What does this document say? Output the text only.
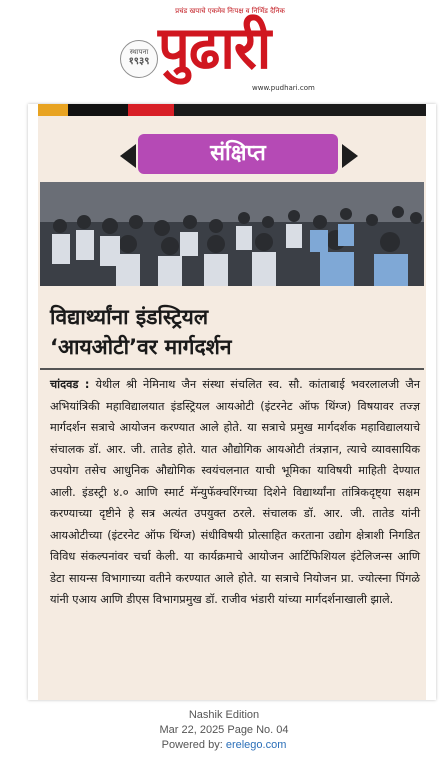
प्रचंड खपाचे एकमेव निःपक्ष व निर्भिड दैनिक
स्थापना
१९३९ पुढारी
www.pudhari.com
संक्षिप्त
विद्यार्थ्यांना इंडस्ट्रियल
‘आयओटी’वर मार्गदर्शन
चांदवड : येथील श्री नेमिनाथ जैन संस्था संचलित स्व. सौ. कांताबाई भवरलालजी जैन अभियांत्रिकी महाविद्यालयात इंडस्ट्रियल आयओटी (इंटरनेट ऑफ थिंग्ज) विषयावर तज्ज्ञ मार्गदर्शन सत्राचे आयोजन करण्यात आले होते. या सत्राचे प्रमुख मार्गदर्शक महाविद्यालयाचे संचालक डॉ. आर. जी. तातेड होते. यात औद्योगिक आयओटी तंत्रज्ञान, त्याचे व्यावसायिक उपयोग तसेच आधुनिक औद्योगिक स्वयंचलनात याची भूमिका याविषयी माहिती देण्यात आली. इंडस्ट्री ४.० आणि स्मार्ट मॅन्युफॅक्चरिंगच्या दिशेने विद्यार्थ्यांना तांत्रिकदृष्ट्या सक्षम करण्याच्या दृष्टीने हे सत्र अत्यंत उपयुक्त ठरले. संचालक डॉ. आर. जी. तातेड यांनी आयओटीच्या (इंटरनेट ऑफ थिंग्ज) संधीविषयी प्रोत्साहित करताना उद्योग क्षेत्राशी निगडित विविध संकल्पनांवर चर्चा केली. या कार्यक्रमाचे आयोजन आर्टिफिशियल इंटेलिजन्स आणि डेटा सायन्स विभागाच्या वतीने करण्यात आले होते. या सत्राचे नियोजन प्रा. ज्योत्स्ना पिंगळे यांनी एआय आणि डीएस विभागप्रमुख डॉ. राजीव भंडारी यांच्या मार्गदर्शनाखाली झाले.
Nashik Edition
Mar 22, 2025 Page No. 04
Powered by: erelego.com
